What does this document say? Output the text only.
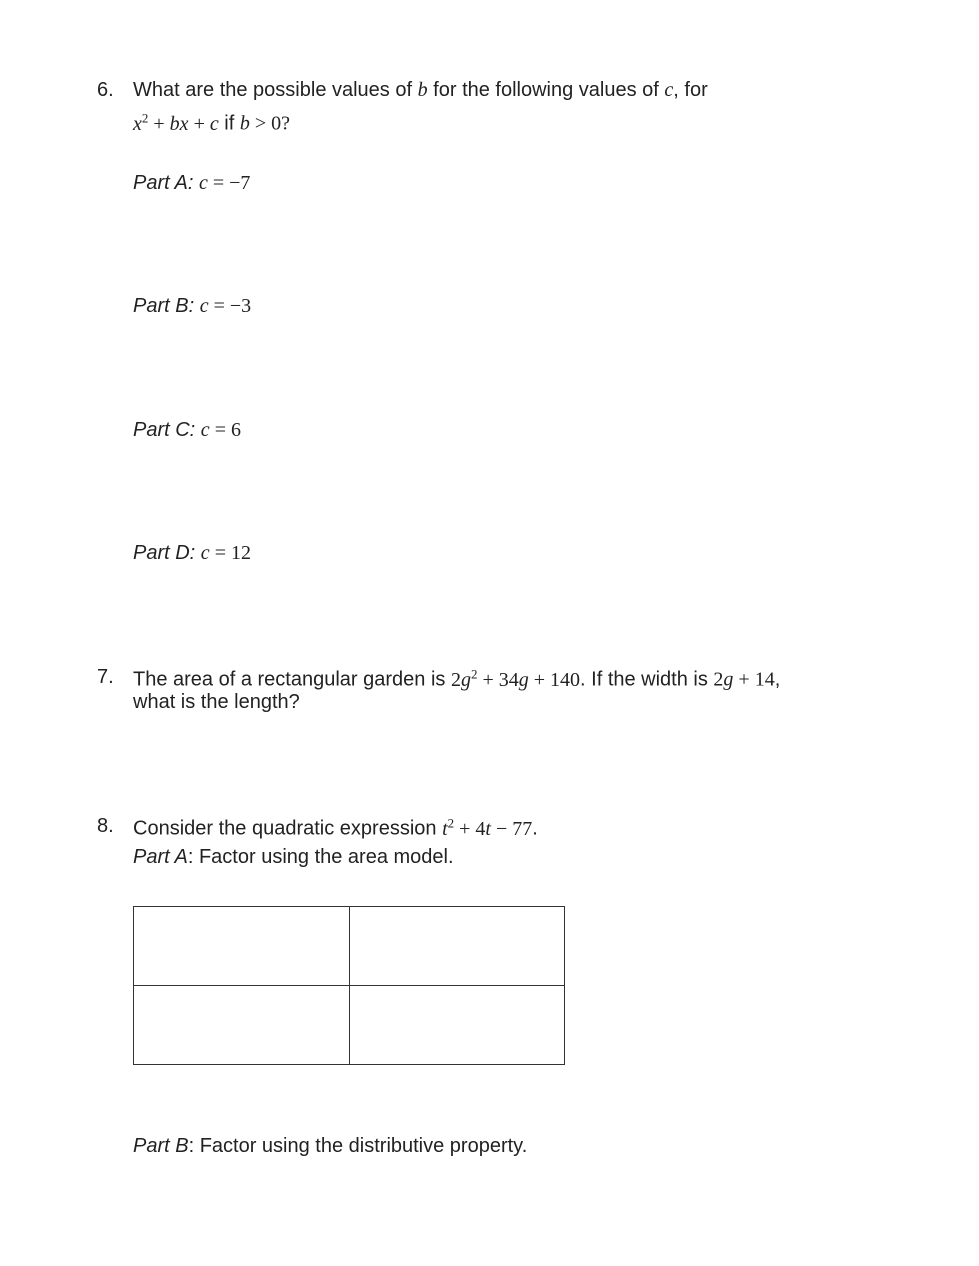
6. What are the possible values of b for the following values of c, for
$x^2$ + bx + c if b > 0?
Part A: c = −7
Part B: c = −3
Part C: c = 6
Part D: c = 12
7. The area of a rectangular garden is $2g^2 + 34g + 140$. If the width is 2g + 14,
what is the length?
8. Consider the quadratic expression $t^2 + 4t - 77$.
Part A: Factor using the area model.

Part B: Factor using the distributive property.
